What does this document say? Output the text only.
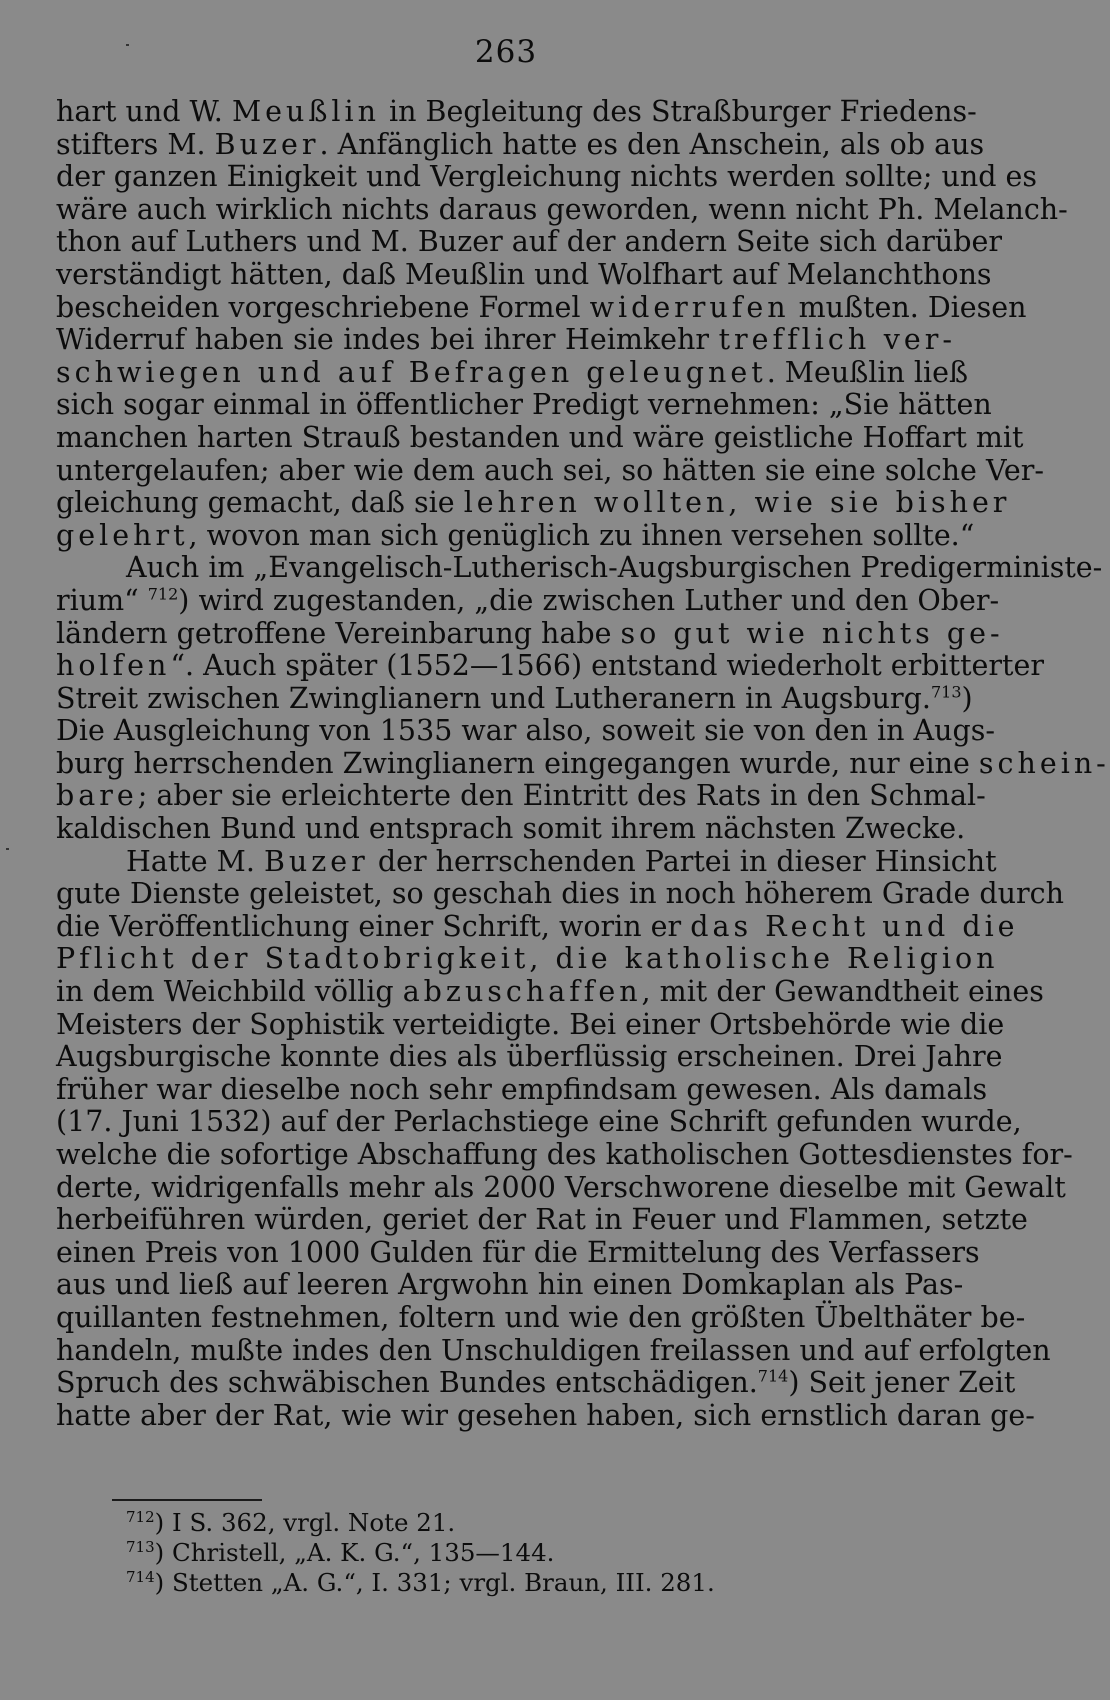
263
hart und W. Meußlin in Begleitung des Straßburger Friedens-
stifters M. Buzer. Anfänglich hatte es den Anschein, als ob aus
der ganzen Einigkeit und Vergleichung nichts werden sollte; und es
wäre auch wirklich nichts daraus geworden, wenn nicht Ph. Melanch-
thon auf Luthers und M. Buzer auf der andern Seite sich darüber
verständigt hätten, daß Meußlin und Wolfhart auf Melanchthons
bescheiden vorgeschriebene Formel widerrufen mußten. Diesen
Widerruf haben sie indes bei ihrer Heimkehr trefflich ver-
schwiegen und auf Befragen geleugnet. Meußlin ließ
sich sogar einmal in öffentlicher Predigt vernehmen: „Sie hätten
manchen harten Strauß bestanden und wäre geistliche Hoffart mit
untergelaufen; aber wie dem auch sei, so hätten sie eine solche Ver-
gleichung gemacht, daß sie lehren wollten, wie sie bisher
gelehrt, wovon man sich genüglich zu ihnen versehen sollte.“
Auch im „Evangelisch-Lutherisch-Augsburgischen Predigerministe-
rium“ $^{712}$) wird zugestanden, „die zwischen Luther und den Ober-
ländern getroffene Vereinbarung habe so gut wie nichts ge-
holfen“. Auch später (1552—1566) entstand wiederholt erbitterter
Streit zwischen Zwinglianern und Lutheranern in Augsburg.$^{713}$)
Die Ausgleichung von 1535 war also, soweit sie von den in Augs-
burg herrschenden Zwinglianern eingegangen wurde, nur eine schein-
bare; aber sie erleichterte den Eintritt des Rats in den Schmal-
kaldischen Bund und entsprach somit ihrem nächsten Zwecke.
Hatte M. Buzer der herrschenden Partei in dieser Hinsicht
gute Dienste geleistet, so geschah dies in noch höherem Grade durch
die Veröffentlichung einer Schrift, worin er das Recht und die
Pflicht der Stadtobrigkeit, die katholische Religion
in dem Weichbild völlig abzuschaffen, mit der Gewandtheit eines
Meisters der Sophistik verteidigte. Bei einer Ortsbehörde wie die
Augsburgische konnte dies als überflüssig erscheinen. Drei Jahre
früher war dieselbe noch sehr empfindsam gewesen. Als damals
(17. Juni 1532) auf der Perlachstiege eine Schrift gefunden wurde,
welche die sofortige Abschaffung des katholischen Gottesdienstes for-
derte, widrigenfalls mehr als 2000 Verschworene dieselbe mit Gewalt
herbeiführen würden, geriet der Rat in Feuer und Flammen, setzte
einen Preis von 1000 Gulden für die Ermittelung des Verfassers
aus und ließ auf leeren Argwohn hin einen Domkaplan als Pas-
quillanten festnehmen, foltern und wie den größten Übelthäter be-
handeln, mußte indes den Unschuldigen freilassen und auf erfolgten
Spruch des schwäbischen Bundes entschädigen.$^{714}$) Seit jener Zeit
hatte aber der Rat, wie wir gesehen haben, sich ernstlich daran ge-
$^{712}$) I S. 362, vrgl. Note 21.
$^{713}$) Christell, „A. K. G.“, 135—144.
$^{714}$) Stetten „A. G.“, I. 331; vrgl. Braun, III. 281.
